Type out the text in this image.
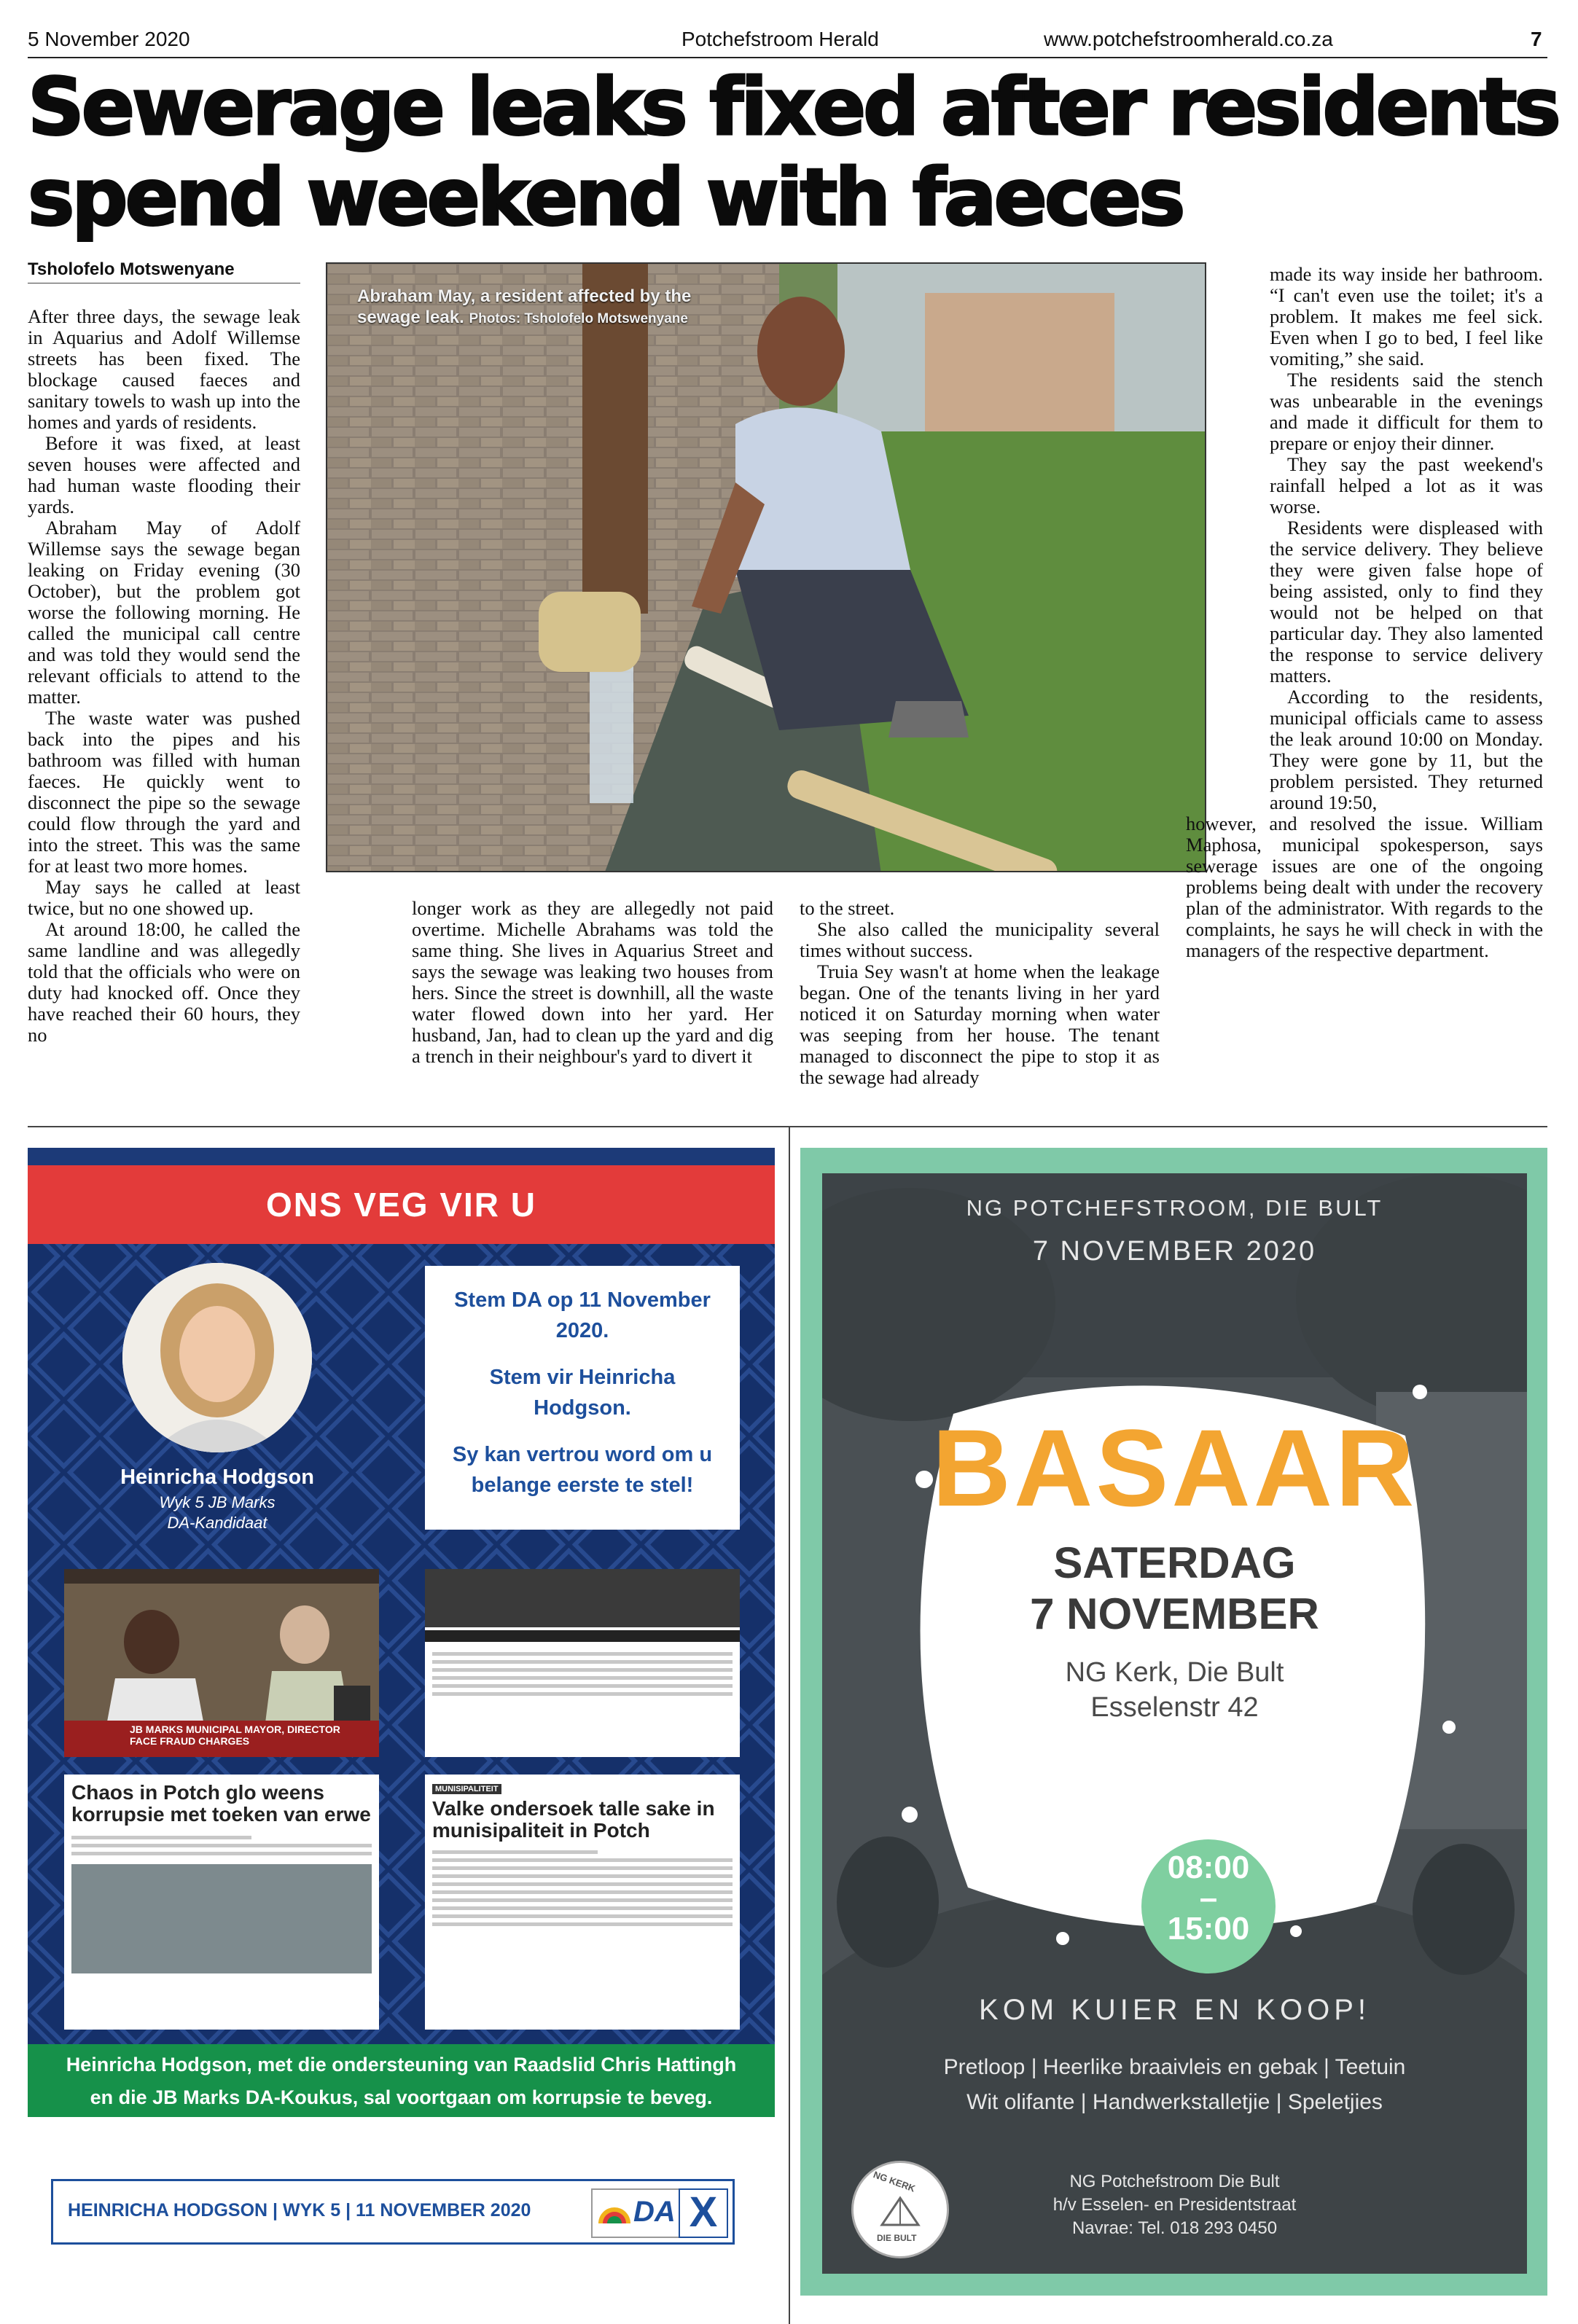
5 November 2020	Potchefstroom Herald	www.potchefstroomherald.co.za	7
Sewerage leaks fixed after residents
spend weekend with faeces
Tsholofelo Motswenyane

After three days, the sewage leak in Aquarius and Adolf Willemse streets has been fixed. The blockage caused faeces and sanitary towels to wash up into the homes and yards of residents.

Before it was fixed, at least seven houses were affected and had human waste flooding their yards.

Abraham May of Adolf Willemse says the sewage began leaking on Friday evening (30 October), but the problem got worse the following morning. He called the municipal call centre and was told they would send the relevant officials to attend to the matter.

The waste water was pushed back into the pipes and his bathroom was filled with human faeces. He quickly went to disconnect the pipe so the sewage could flow through the yard and into the street. This was the same for at least two more homes.

May says he called at least twice, but no one showed up.

At around 18:00, he called the same landline and was allegedly told that the officials who were on duty had knocked off. Once they have reached their 60 hours, they no

Abraham May, a resident affected by the sewage leak. Photos: Tsholofelo Motswenyane

longer work as they are allegedly not paid overtime. Michelle Abrahams was told the same thing. She lives in Aquarius Street and says the sewage was leaking two houses from hers. Since the street is downhill, all the waste water flowed down into her yard. Her husband, Jan, had to clean up the yard and dig a trench in their neighbour's yard to divert it

to the street.

She also called the municipality several times without success.

Truia Sey wasn't at home when the leakage began. One of the tenants living in her yard noticed it on Saturday morning when water was seeping from her house. The tenant managed to disconnect the pipe to stop it as the sewage had already

made its way inside her bathroom. “I can't even use the toilet; it's a problem. It makes me feel sick. Even when I go to bed, I feel like vomiting,” she said.

The residents said the stench was unbearable in the evenings and made it difficult for them to prepare or enjoy their dinner.

They say the past weekend's rainfall helped a lot as it was worse.

Residents were displeased with the service delivery. They believe they were given false hope of being assisted, only to find they would not be helped on that particular day. They also lamented the response to service delivery matters.

According to the residents, municipal officials came to assess the leak around 10:00 on Monday. They were gone by 11, but the problem persisted. They returned around 19:50,

however, and resolved the issue. William Maphosa, municipal spokesperson, says sewerage issues are one of the ongoing problems being dealt with under the recovery plan of the administrator. With regards to the complaints, he says he will check in with the managers of the respective department.

ONS VEG VIR U
Heinricha Hodgson
Wyk 5 JB Marks
DA-Kandidaat
Stem DA op 11 November 2020.
Stem vir Heinricha Hodgson.
Sy kan vertrou word om u belange eerste te stel!
JB MARKS MUNICIPAL MAYOR, DIRECTOR FACE FRAUD CHARGES
Chaos in Potch glo weens korrupsie met toeken van erwe
MUNISIPALITEIT
Valke ondersoek talle sake in munisipaliteit in Potch
Heinricha Hodgson, met die ondersteuning van Raadslid Chris Hattingh
en die JB Marks DA-Koukus, sal voortgaan om korrupsie te beveg.
HEINRICHA HODGSON | WYK 5 | 11 NOVEMBER 2020	DA X
NG POTCHEFSTROOM, DIE BULT
7 NOVEMBER 2020
BASAAR
SATERDAG
7 NOVEMBER
NG Kerk, Die Bult
Esselenstr 42
08:00
–
15:00
KOM KUIER EN KOOP!
Pretloop | Heerlike braaivleis en gebak | Teetuin
Wit olifante | Handwerkstalletjie | Speletjies
NG KERK
DIE BULT
NG Potchefstroom Die Bult
h/v Esselen- en Presidentstraat
Navrae: Tel. 018 293 0450
